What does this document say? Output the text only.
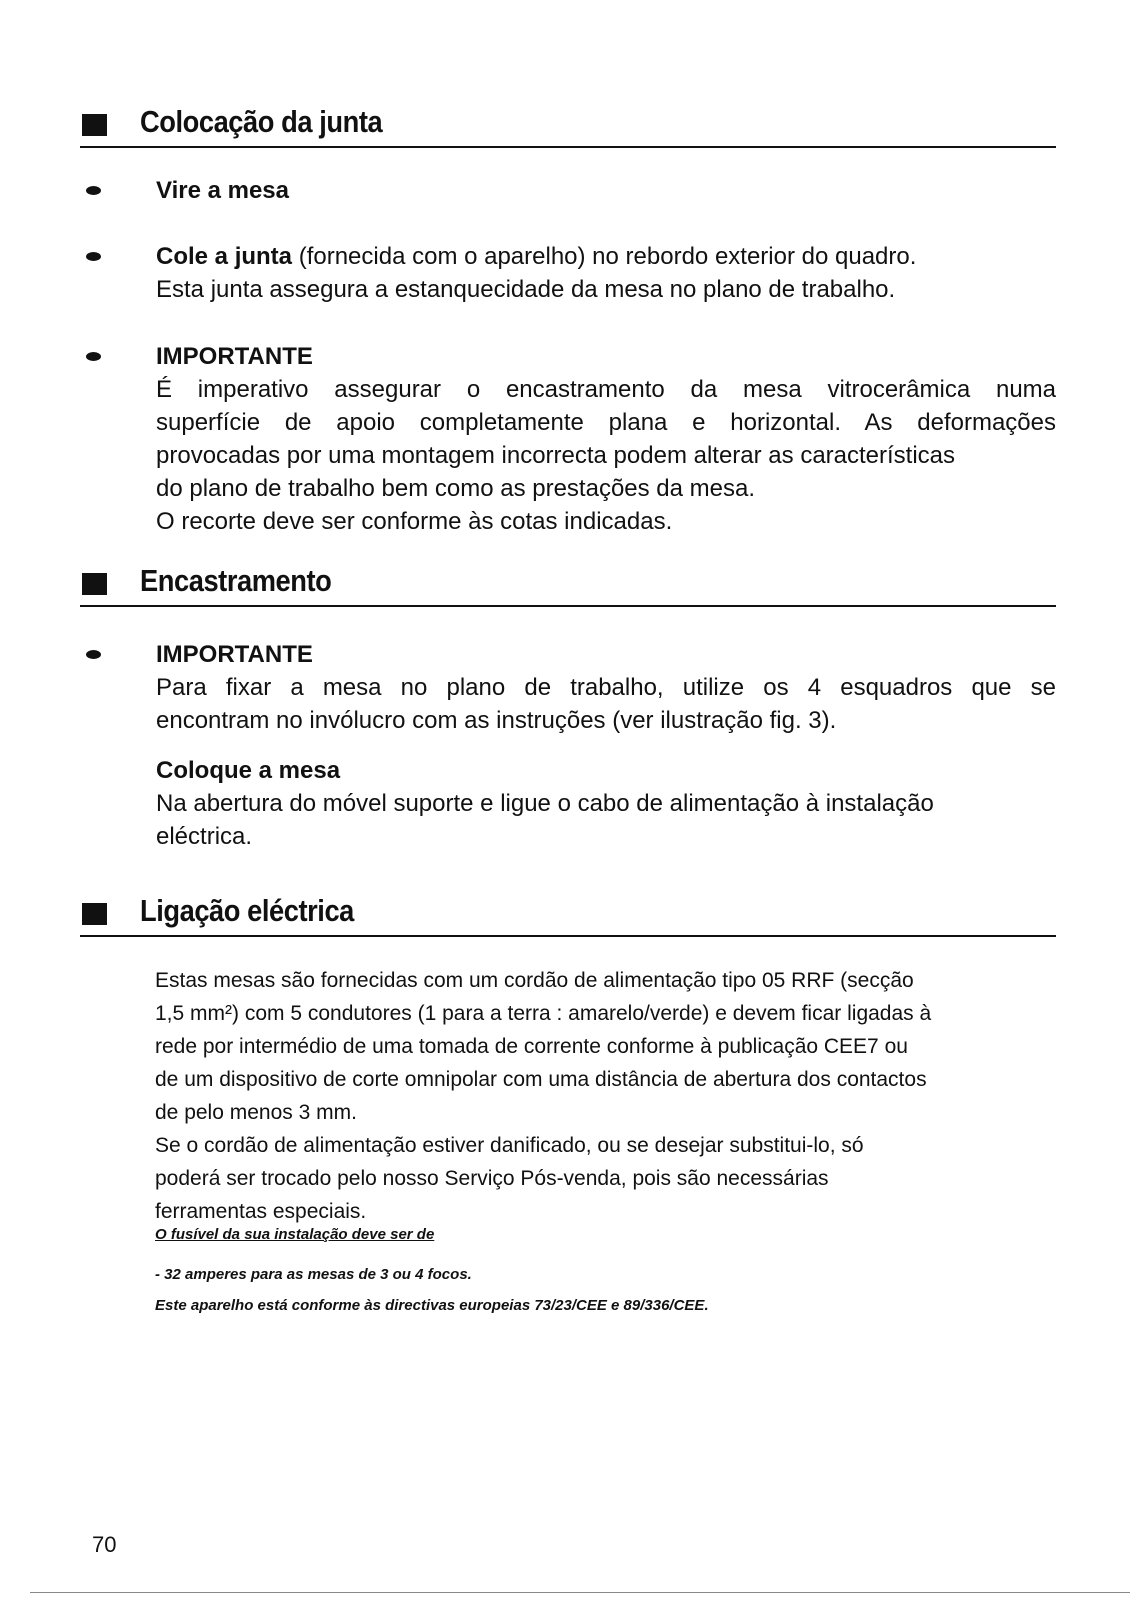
Colocação da junta
Vire a mesa
Cole a junta (fornecida com o aparelho) no rebordo exterior do quadro.
Esta junta assegura a estanquecidade da mesa no plano de trabalho.
IMPORTANTE
É imperativo assegurar o encastramento da mesa vitrocerâmica numa
superfície de apoio completamente plana e horizontal. As deformações
provocadas por uma montagem incorrecta podem alterar as características
do plano de trabalho bem como as prestações da mesa.
O recorte deve ser conforme às cotas indicadas.
Encastramento
IMPORTANTE
Para fixar a mesa no plano de trabalho, utilize os 4 esquadros que se
encontram no invólucro com as instruções (ver ilustração fig. 3).
Coloque a mesa
Na abertura do móvel suporte e ligue o cabo de alimentação à instalação
eléctrica.
Ligação eléctrica
Estas mesas são fornecidas com um cordão de alimentação tipo 05 RRF (secção
1,5 mm²) com 5 condutores (1 para a terra : amarelo/verde) e devem ficar ligadas à
rede por intermédio de uma tomada de corrente conforme à publicação CEE7 ou
de um dispositivo de corte omnipolar com uma distância de abertura dos contactos
de pelo menos 3 mm.
Se o cordão de alimentação estiver danificado, ou se desejar substitui-lo, só
poderá ser trocado pelo nosso Serviço Pós-venda, pois são necessárias
ferramentas especiais.
O fusível da sua instalação deve ser de
- 32 amperes para as mesas de 3 ou 4 focos.
Este aparelho está conforme às directivas europeias 73/23/CEE e 89/336/CEE.
70
